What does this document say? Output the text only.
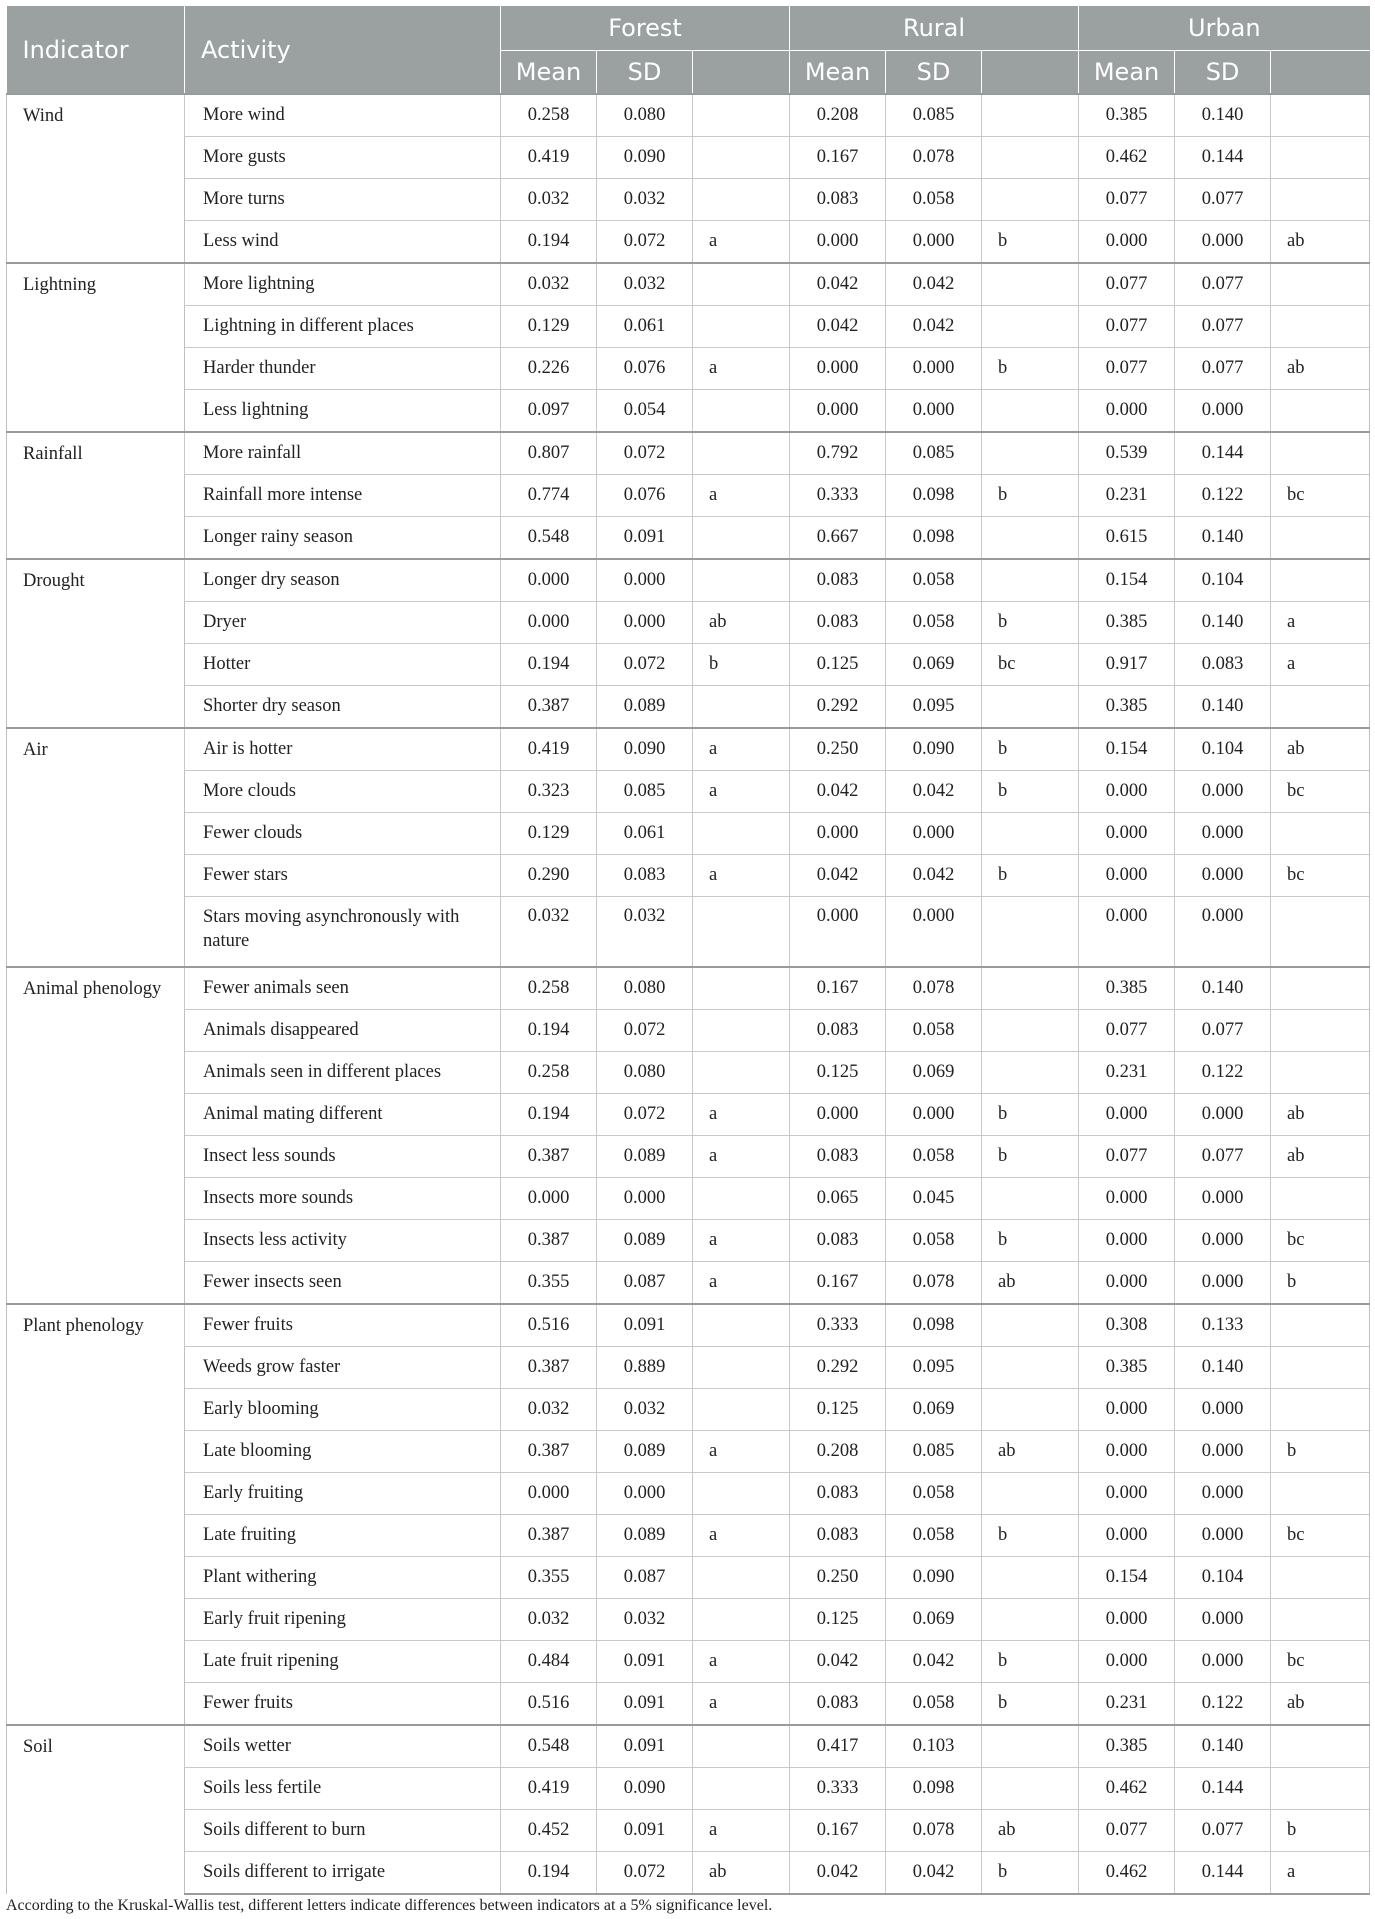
Indicator	Activity	Forest			Rural			Urban		
		Mean	SD		Mean	SD		Mean	SD	
Wind	More wind	0.258	0.080		0.208	0.085		0.385	0.140	
	More gusts	0.419	0.090		0.167	0.078		0.462	0.144	
	More turns	0.032	0.032		0.083	0.058		0.077	0.077	
	Less wind	0.194	0.072	a	0.000	0.000	b	0.000	0.000	ab
Lightning	More lightning	0.032	0.032		0.042	0.042		0.077	0.077	
	Lightning in different places	0.129	0.061		0.042	0.042		0.077	0.077	
	Harder thunder	0.226	0.076	a	0.000	0.000	b	0.077	0.077	ab
	Less lightning	0.097	0.054		0.000	0.000		0.000	0.000	
Rainfall	More rainfall	0.807	0.072		0.792	0.085		0.539	0.144	
	Rainfall more intense	0.774	0.076	a	0.333	0.098	b	0.231	0.122	bc
	Longer rainy season	0.548	0.091		0.667	0.098		0.615	0.140	
Drought	Longer dry season	0.000	0.000		0.083	0.058		0.154	0.104	
	Dryer	0.000	0.000	ab	0.083	0.058	b	0.385	0.140	a
	Hotter	0.194	0.072	b	0.125	0.069	bc	0.917	0.083	a
	Shorter dry season	0.387	0.089		0.292	0.095		0.385	0.140	
Air	Air is hotter	0.419	0.090	a	0.250	0.090	b	0.154	0.104	ab
	More clouds	0.323	0.085	a	0.042	0.042	b	0.000	0.000	bc
	Fewer clouds	0.129	0.061		0.000	0.000		0.000	0.000	
	Fewer stars	0.290	0.083	a	0.042	0.042	b	0.000	0.000	bc
	Stars moving asynchronously with nature	0.032	0.032		0.000	0.000		0.000	0.000	
Animal phenology	Fewer animals seen	0.258	0.080		0.167	0.078		0.385	0.140	
	Animals disappeared	0.194	0.072		0.083	0.058		0.077	0.077	
	Animals seen in different places	0.258	0.080		0.125	0.069		0.231	0.122	
	Animal mating different	0.194	0.072	a	0.000	0.000	b	0.000	0.000	ab
	Insect less sounds	0.387	0.089	a	0.083	0.058	b	0.077	0.077	ab
	Insects more sounds	0.000	0.000		0.065	0.045		0.000	0.000	
	Insects less activity	0.387	0.089	a	0.083	0.058	b	0.000	0.000	bc
	Fewer insects seen	0.355	0.087	a	0.167	0.078	ab	0.000	0.000	b
Plant phenology	Fewer fruits	0.516	0.091		0.333	0.098		0.308	0.133	
	Weeds grow faster	0.387	0.889		0.292	0.095		0.385	0.140	
	Early blooming	0.032	0.032		0.125	0.069		0.000	0.000	
	Late blooming	0.387	0.089	a	0.208	0.085	ab	0.000	0.000	b
	Early fruiting	0.000	0.000		0.083	0.058		0.000	0.000	
	Late fruiting	0.387	0.089	a	0.083	0.058	b	0.000	0.000	bc
	Plant withering	0.355	0.087		0.250	0.090		0.154	0.104	
	Early fruit ripening	0.032	0.032		0.125	0.069		0.000	0.000	
	Late fruit ripening	0.484	0.091	a	0.042	0.042	b	0.000	0.000	bc
	Fewer fruits	0.516	0.091	a	0.083	0.058	b	0.231	0.122	ab
Soil	Soils wetter	0.548	0.091		0.417	0.103		0.385	0.140	
	Soils less fertile	0.419	0.090		0.333	0.098		0.462	0.144	
	Soils different to burn	0.452	0.091	a	0.167	0.078	ab	0.077	0.077	b
	Soils different to irrigate	0.194	0.072	ab	0.042	0.042	b	0.462	0.144	a
According to the Kruskal-Wallis test, different letters indicate differences between indicators at a 5% significance level.
